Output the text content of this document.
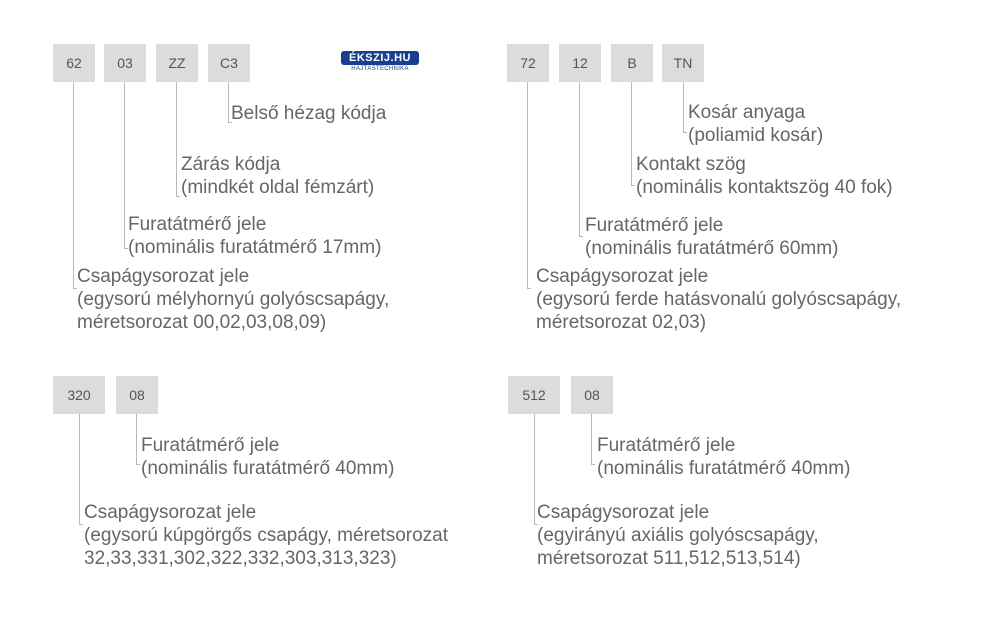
62	03	ZZ	C3
Belső hézag kódja
Zárás kódja
(mindkét oldal fémzárt)
Furatátmérő jele
(nominális furatátmérő 17mm)
Csapágysorozat jele
(egysorú mélyhornyú golyóscsapágy,
méretsorozat 00,02,03,08,09)
ÉKSZIJ.HU
HAJTÁSTECHNIKA	72	12	B	TN
Kosár anyaga
(poliamid kosár)
Kontakt szög
(nominális kontaktszög 40 fok)
Furatátmérő jele
(nominális furatátmérő 60mm)
Csapágysorozat jele
(egysorú ferde hatásvonalú golyóscsapágy,
méretsorozat 02,03)
320	08
Furatátmérő jele
(nominális furatátmérő 40mm)
Csapágysorozat jele
(egysorú kúpgörgős csapágy, méretsorozat
32,33,331,302,322,332,303,313,323)
512	08
Furatátmérő jele
(nominális furatátmérő 40mm)
Csapágysorozat jele
(egyirányú axiális golyóscsapágy,
méretsorozat 511,512,513,514)
